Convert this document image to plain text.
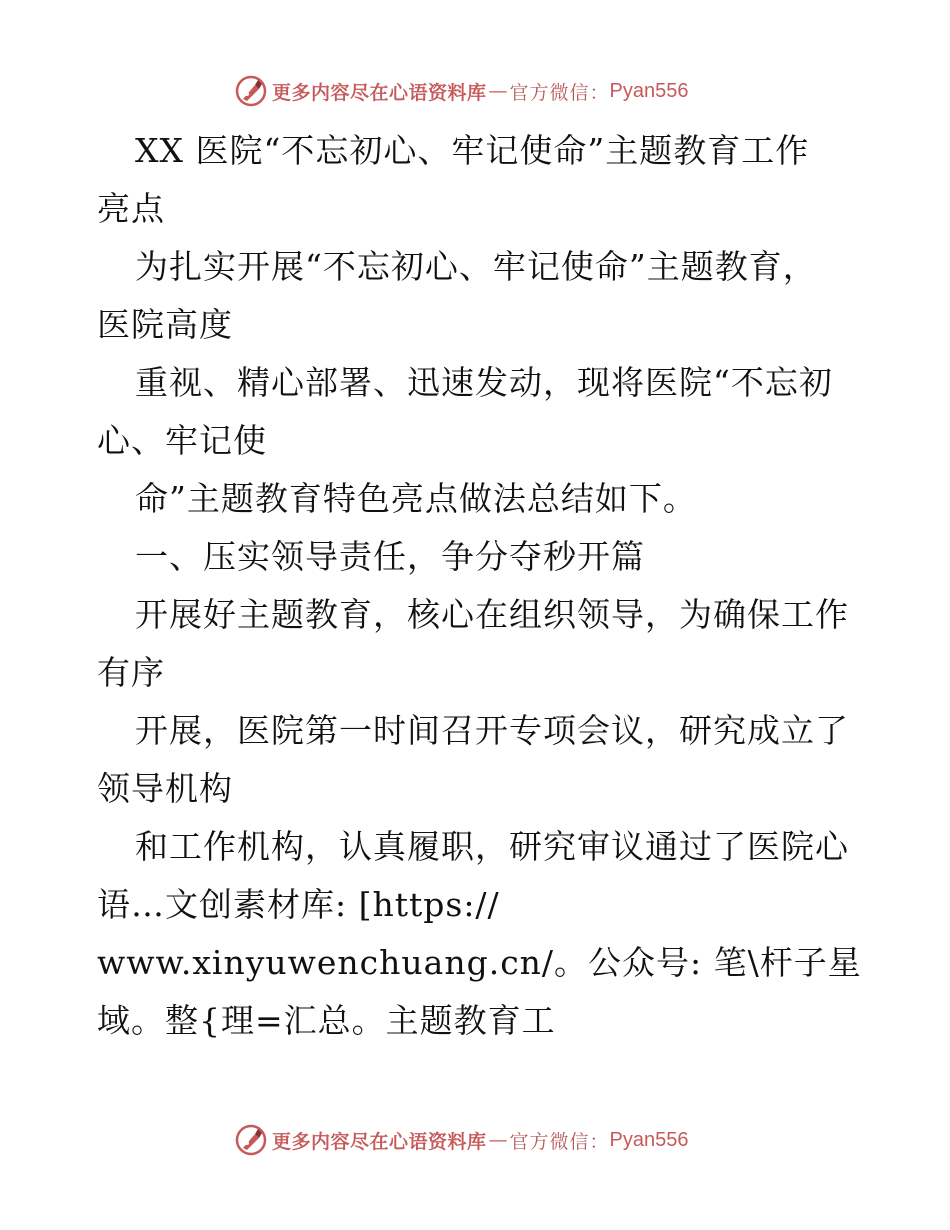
更多内容尽在心语资料库 — 官方微信： Pyan556
XX 医院“不忘初心、牢记使命”主题教育工作
亮点
为扎实开展“不忘初心、牢记使命”主题教育，
医院高度
重视、精心部署、迅速发动，现将医院“不忘初
心、牢记使
命”主题教育特色亮点做法总结如下。
一、压实领导责任，争分夺秒开篇
开展好主题教育，核心在组织领导，为确保工作
有序
开展，医院第一时间召开专项会议，研究成立了
领导机构
和工作机构，认真履职，研究审议通过了医院心
语…文创素材库: [https://
www.xinyuwenchuang.cn/。公众号: 笔\杆子星
域。整{理=汇总。主题教育工
更多内容尽在心语资料库 — 官方微信： Pyan556
